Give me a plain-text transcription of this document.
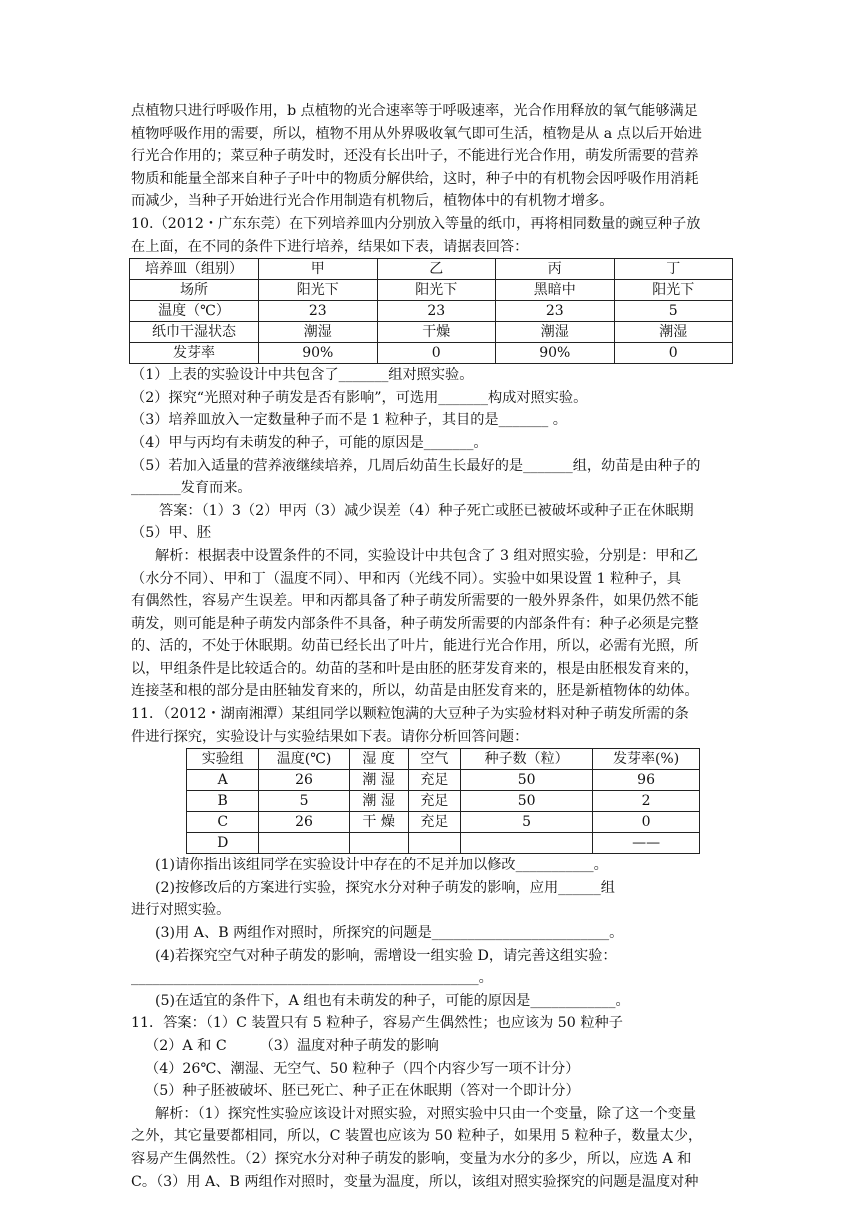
点植物只进行呼吸作用，b 点植物的光合速率等于呼吸速率，光合作用释放的氧气能够满足

植物呼吸作用的需要，所以，植物不用从外界吸收氧气即可生活，植物是从 a 点以后开始进

行光合作用的；菜豆种子萌发时，还没有长出叶子，不能进行光合作用，萌发所需要的营养

物质和能量全部来自种子子叶中的物质分解供给，这时，种子中的有机物会因呼吸作用消耗

而减少，当种子开始进行光合作用制造有机物后，植物体中的有机物才增多。

10.（2012・广东东莞）在下列培养皿内分别放入等量的纸巾，再将相同数量的豌豆种子放

在上面，在不同的条件下进行培养，结果如下表，请据表回答：

培养皿（组别）	甲	乙	丙	丁
场所	阳光下	阳光下	黑暗中	阳光下
温度（℃）	23	23	23	5
纸巾干湿状态	潮湿	干燥	潮湿	潮湿
发芽率	90%	0	90%	0

（1）上表的实验设计中共包含了_______组对照实验。

（2）探究“光照对种子萌发是否有影响”，可选用_______构成对照实验。

（3）培养皿放入一定数量种子而不是 1 粒种子，其目的是_______ 。

（4）甲与丙均有未萌发的种子，可能的原因是_______。

（5）若加入适量的营养液继续培养，几周后幼苗生长最好的是_______组，幼苗是由种子的

_______发育而来。

答案：（1）3（2）甲丙（3）减少误差（4）种子死亡或胚已被破坏或种子正在休眠期

（5）甲、胚

解析：根据表中设置条件的不同，实验设计中共包含了 3 组对照实验，分别是：甲和乙

（水分不同）、甲和丁（温度不同）、甲和丙（光线不同）。实验中如果设置 1 粒种子，具

有偶然性，容易产生误差。甲和丙都具备了种子萌发所需要的一般外界条件，如果仍然不能

萌发，则可能是种子萌发内部条件不具备，种子萌发所需要的内部条件有：种子必须是完整

的、活的，不处于休眠期。幼苗已经长出了叶片，能进行光合作用，所以，必需有光照，所

以，甲组条件是比较适合的。幼苗的茎和叶是由胚的胚芽发育来的，根是由胚根发育来的，

连接茎和根的部分是由胚轴发育来的，所以，幼苗是由胚发育来的，胚是新植物体的幼体。

11．（2012・湖南湘潭）某组同学以颗粒饱满的大豆种子为实验材料对种子萌发所需的条

件进行探究，实验设计与实验结果如下表。请你分析回答问题：

实验组	温度(℃)	湿 度	空气	种子数（粒）	发芽率(%)
A	26	潮 湿	充足	50	96
B	5	潮 湿	充足	50	2
C	26	干 燥	充足	5	0
D					——

(1)请你指出该组同学在实验设计中存在的不足并加以修改___________。

(2)按修改后的方案进行实验，探究水分对种子萌发的影响，应用______组

进行对照实验。

(3)用 A、B 两组作对照时，所探究的问题是_________________________。

(4)若探究空气对种子萌发的影响，需增设一组实验 D，请完善这组实验：

_________________________________________________。

(5)在适宜的条件下，A 组也有未萌发的种子，可能的原因是____________。

11．答案：（1）C 装置只有 5 粒种子，容易产生偶然性；也应该为 50 粒种子

（2）A 和 C　　 （3）温度对种子萌发的影响

（4）26℃、潮湿、无空气、50 粒种子（四个内容少写一项不计分）

（5）种子胚被破坏、胚已死亡、种子正在休眠期（答对一个即计分）

解析：（1）探究性实验应该设计对照实验，对照实验中只由一个变量，除了这一个变量

之外，其它量要都相同，所以，C 装置也应该为 50 粒种子，如果用 5 粒种子，数量太少，

容易产生偶然性。（2）探究水分对种子萌发的影响，变量为水分的多少，所以，应选 A 和

C。（3）用 A、B 两组作对照时，变量为温度，所以，该组对照实验探究的问题是温度对种
